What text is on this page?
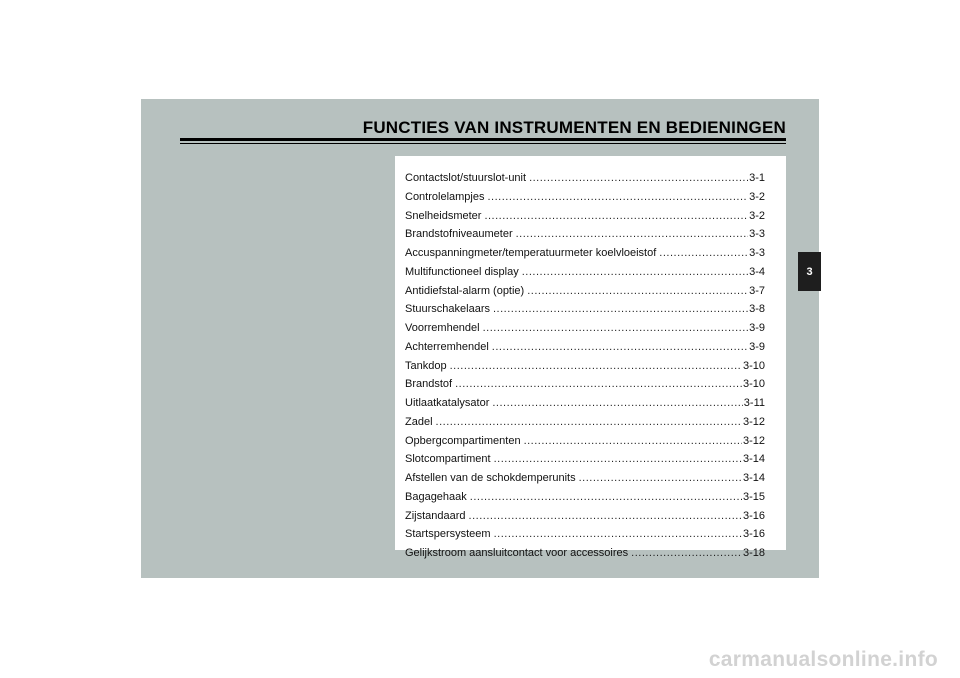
FUNCTIES VAN INSTRUMENTEN EN BEDIENINGEN
Contactslot/stuurslot-unit .....	3-1
Controlelampjes .....	3-2
Snelheidsmeter .....	3-2
Brandstofniveaumeter .....	3-3
Accuspanningmeter/temperatuurmeter koelvloeistof .....	3-3
Multifunctioneel display .....	3-4
Antidiefstal-alarm (optie) .....	3-7
Stuurschakelaars .....	3-8
Voorremhendel .....	3-9
Achterremhendel .....	3-9
Tankdop .....	3-10
Brandstof .....	3-10
Uitlaatkatalysator .....	3-11
Zadel .....	3-12
Opbergcompartimenten .....	3-12
Slotcompartiment .....	3-14
Afstellen van de schokdemperunits .....	3-14
Bagagehaak .....	3-15
Zijstandaard .....	3-16
Startspersysteem .....	3-16
Gelijkstroom aansluitcontact voor accessoires .....	3-18
3
carmanualsonline.info
